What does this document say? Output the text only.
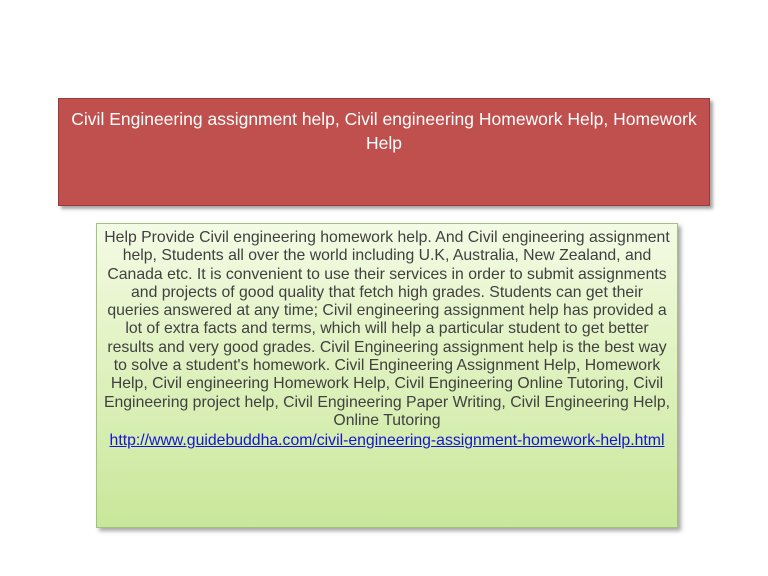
Civil Engineering assignment help, Civil engineering Homework Help, Homework Help

Help Provide Civil engineering homework help. And Civil engineering assignment help, Students all over the world including U.K, Australia, New Zealand, and Canada etc. It is convenient to use their services in order to submit assignments and projects of good quality that fetch high grades. Students can get their queries answered at any time; Civil engineering assignment help has provided a lot of extra facts and terms, which will help a particular student to get better results and very good grades. Civil Engineering assignment help is the best way to solve a student's homework. Civil Engineering Assignment Help, Homework Help, Civil engineering Homework Help, Civil Engineering Online Tutoring, Civil Engineering project help, Civil Engineering Paper Writing, Civil Engineering Help, Online Tutoring

http://www.guidebuddha.com/civil-engineering-assignment-homework-help.html
